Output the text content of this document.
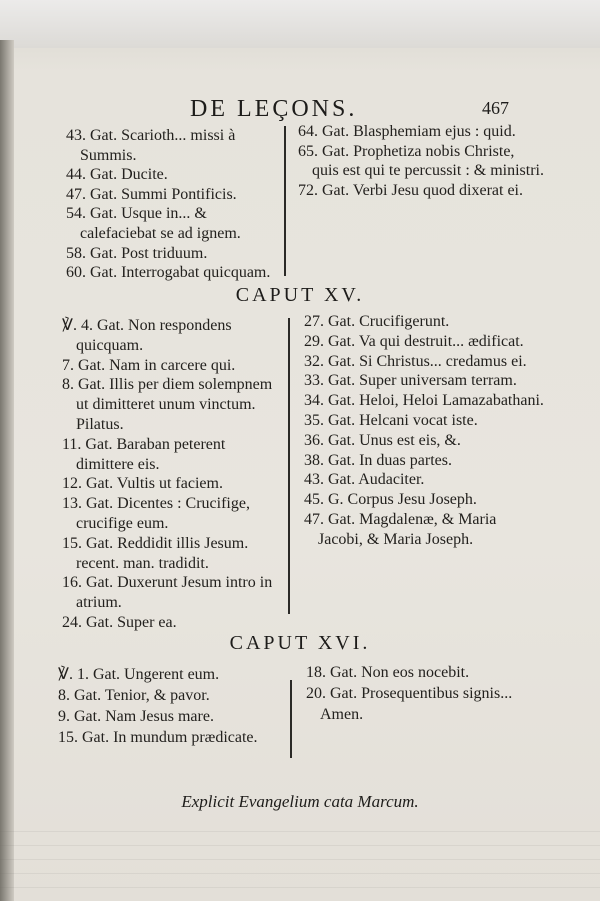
DE LEÇONS.	467

43. Gat. Scarioth... missi à Summis.

44. Gat. Ducite.

47. Gat. Summi Pontificis.

54. Gat. Usque in... & calefaciebat se ad ignem.

58. Gat. Post triduum.

60. Gat. Interrogabat quicquam.

64. Gat. Blasphemiam ejus : quid.

65. Gat. Prophetiza nobis Christe, quis est qui te percussit : & ministri.

72. Gat. Verbi Jesu quod dixerat ei.

CAPUT XV.

℣. 4. Gat. Non respondens quicquam.

7. Gat. Nam in carcere qui.

8. Gat. Illis per diem solempnem ut dimitteret unum vinctum. Pilatus.

11. Gat. Baraban peterent dimittere eis.

12. Gat. Vultis ut faciem.

13. Gat. Dicentes : Crucifige, crucifige eum.

15. Gat. Reddidit illis Jesum. recent. man. tradidit.

16. Gat. Duxerunt Jesum intro in atrium.

24. Gat. Super ea.

27. Gat. Crucifigerunt.

29. Gat. Va qui destruit... ædificat.

32. Gat. Si Christus... credamus ei.

33. Gat. Super universam terram.

34. Gat. Heloi, Heloi Lamazabathani.

35. Gat. Helcani vocat iste.

36. Gat. Unus est eis, &.

38. Gat. In duas partes.

43. Gat. Audaciter.

45. G. Corpus Jesu Joseph.

47. Gat. Magdalenæ, & Maria Jacobi, & Maria Joseph.

CAPUT XVI.

℣. 1. Gat. Ungerent eum.

8. Gat. Tenior, & pavor.

9. Gat. Nam Jesus mare.

15. Gat. In mundum prædicate.

18. Gat. Non eos nocebit.

20. Gat. Prosequentibus signis... Amen.

Explicit Evangelium cata Marcum.
